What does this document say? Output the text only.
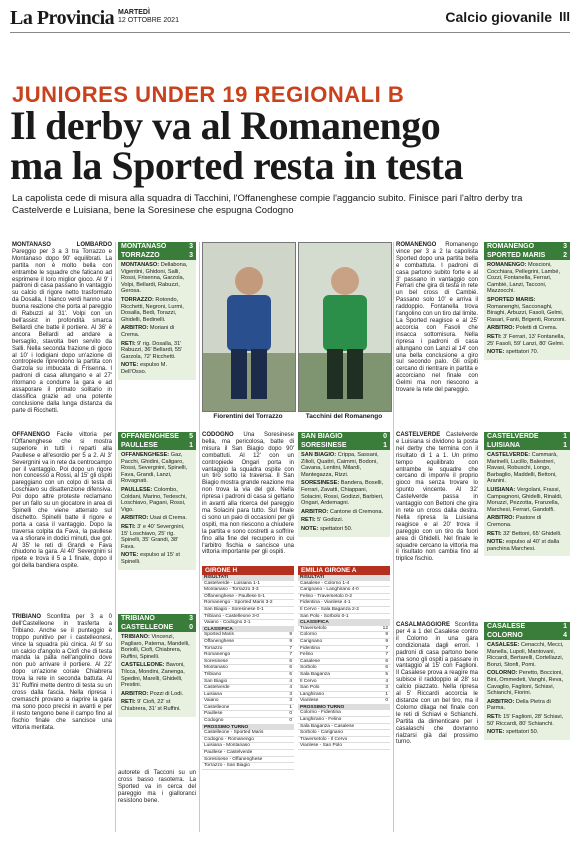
La Provincia MARTEDÌ
12 OTTOBRE 2021	Calcio giovanile III
JUNIORES UNDER 19 REGIONALI B
Il derby va al Romanengo
ma la Sported resta in testa
La capolista cede di misura alla squadra di Tacchini, l'Offanenghese compie l'aggancio subito. Finisce pari l'altro derby tra Castelverde e Luisiana, bene la Soresinese che espugna Codogno

MONTANASO LOMBARDO Pareggio per 3 a 3 tra Torrazzo e Montanaso dopo 90' equilibrati. La partita non è molto bella con entrambe le squadre che faticano ad esprimere il loro miglior gioco. Al 9' i padroni di casa passano in vantaggio su calcio di rigore netto trasformato da Dosalla. I bianco verdi hanno una buona reazione che porta al pareggio di Rabuzzi al 31'. Volpi con un bell'assist in profondità smarca Bellardi che batte il portiere. Al 36' è ancora Bellardi ad andare a bersaglio, stavolta ben servito da Salli. Nella seconda frazione di gioco al 10' i lodigiani dopo un'azione di contropiede riprendono la partita con Garzola su imbucata di Frisenna. I padroni di casa allungano e al 27' ritornano a condurre la gara e ad assaporare il primato solitario in classifica grazie ad una potente conclusione dalla lunga distanza da parte di Ricchetti.

OFFANENGO Facile vittoria per l'Offanenghese che si mostra superiore in tutti i reparti alla Paullese e all'esordio per 5 a 2. Al 3' Severgnini va in rete da centrocampo per il vantaggio. Poi dopo un rigore non concesso a Rossi, al 15' gli ospiti pareggiano con un colpo di testa di Loschiavo su disattenzione difensiva. Poi dopo altre proteste reclamano per un fallo su un giocatore in area di Spinelli che viene atterrato sul dischetto. Spinelli batte il rigore e porta a casa il vantaggio. Dopo la traversa colpita da Fava, la paullese va a sfiorare in dodici minuti, due gol. Al 35' le reti di Grandi e Fava chiudono la gara. Al 40' Severgnini si ripete e trova il 5 a 1 finale, dopo il gol della bandiera ospite.

TRIBIANO Sconfitta per 3 a 0 dell'Castelleone in trasferta a Tribiano. Anche se il punteggio è troppo punitivo per i castelleonesi, vince la squadra più cinica. Al 9' su un calcio d'angolo a Ciofi che di testa manda la palla nell'angolino dove non può arrivare il portiere. Al 22' dopo un'azione corale Chiabrera trova la rete in seconda battuta. Al 31' Ruffini mette dentro di testa su un cross dalla fascia. Nella ripresa i cremaschi provano a riaprire la gara ma sono poco precisi in avanti e per il resto tengono bene il campo fino al fischio finale che sancisce una vittoria meritata.

MONTANASO	3
TORRAZZO	3

MONTANASO: Dellabona, Vigentini, Ghidoni, Salli, Rossi, Frisenna, Garzola, Volpi, Bellardi, Rabuzzi, Gerosa.

TORRAZZO: Rotondo, Ricchetti, Negroni, Lurmi, Dosalla, Bedi, Torazzi, Ghidelli, Bedinelli.

ARBITRO: Moriani di Crema.

RETI: 9' rig. Dosalla, 31' Rabuzzi, 36' Bellardi, 55' Garzola, 72' Ricchetti.

NOTE: espulso M. Dell'Osso.

OFFANENGHESE 5
PAULLESE	1

OFFANENGHESE: Gaz, Pacchi, Ghidini, Caligaro, Rossi, Severgnini, Spinelli, Fava, Grandi, Lanzi, Rovagnati.

PAULLESE: Colombo, Coldani, Marino, Tedeschi, Loschiavo, Pagani, Rossi, Vigo.

ARBITRO: Usai di Crema.

RETI: 3' e 40' Severgnini, 15' Loschiavo, 25' rig. Spinelli, 35' Grandi, 38' Fava.

NOTE: espulso al 15' st Spinelli.

TRIBIANO	3
CASTELLEONE 0

TRIBIANO: Vincenzi, Pagliaro, Paterna, Mandelli, Boriolli, Ciofi, Chiabrera, Ruffini, Spinelli.

CASTELLEONE: Bavoni, Tilcca, Mondini, Zanenga, Spedini, Marelli, Ghidelli, Prestini.

ARBITRO: Pozzi di Lodi.

RETI: 9' Ciofi, 22' st Chiabrera, 31' st Ruffini.

autorete di Tacconi su un cross basso rasoterra. La Sported va in cerca del pareggio ma i gialloranci resistono bene.

Fiorentini del Torrazzo	Tacchini del Romanengo

ROMANENGO Romanengo vince per 3 a 2 la capolista Sported dopo una partita bella e combattuta. I padroni di casa partono subito forte e al 3' passano in vantaggio con Ferrari che gira di testa in rete un bel cross di Cambié. Passano solo 10' e arriva il raddoppio. Fontanella trova l'angolino con un tiro dal limite. La Sported reagisce e al 25' accorcia con Fasoli che insacca sottomisura. Nella ripresa i padroni di casa allungano con Lanzi al 14' con una bella conclusione a giro sul secondo palo. Gli ospiti cercano di rientrare in partita e accorciano nel finale con Gelmi ma non riescono a trovare la rete del pareggio.

ROMANENGO	3
SPORTED MARIS	2

ROMANENGO: Moscioni, Cocchiara, Pellegrini, Lambé, Cozzi, Fontanella, Ferrari, Cambié, Lanzi, Tacconi, Mazzocchi.

SPORTED MARIS: Romanenghi, Sacconaghi, Biraghi, Arbuzzi, Fasoli, Gelmi, Rasari, Fanti, Brigenti, Ronzoni.

ARBITRO: Poletti di Crema.

RETI: 3' Ferrari, 13' Fontanella, 25' Fasoli, 59' Lanzi, 80' Gelmi.

NOTE: spettatori 70.

CODOGNO Una Soresinese bella, ma pericolosa, batte di misura il San Biagio dopo 90' combattuti. Al 12' con un contropiede Ongari porta in vantaggio la squadra ospite con un tiro sotto la traversa. Il San Biagio mostra grande reazione ma non trova la via del gol. Nella ripresa i padroni di casa si gettano in avanti alla ricerca del pareggio ma Solacini para tutto. Sul finale ci sono un paio di occasioni per gli ospiti, ma non riescono a chiudere la partita e sono costretti a soffrire fino alla fine del recupero in cui l'arbitro fischia e sancisce una vittoria importante per gli ospiti.

SAN BIAGIO	0
SORESINESE	1

SAN BIAGIO: Crippa, Sassani, Zilioli, Quattri, Caimmi, Bodoni, Cavana, Lentini, Milardi, Mantegazza, Rizzi.

SORESINESE: Bandera, Boselli, Ferrari, Zavatti, Chiappani, Solacini, Rossi, Godizzi, Barbieri, Ongari, Ardemagni.

ARBITRO: Cantone di Cremona.

RETI: 5' Godizzi.

NOTE: spettatori 50.

CASTELVERDE Castelverde e Luisiana si dividono la posta nel derby che termina con il risultato di 1 a 1. Un primo tempo equilibrato con entrambe le squadre che cercano di imporre il proprio gioco ma senza trovare lo spunto vincente. Al 32' Castelverde passa in vantaggio con Bettoni che gira in rete un cross dalla destra. Nella ripresa la Luisiana reagisce e al 20' trova il pareggio con un tiro da fuori area di Ghidelli. Nel finale le squadre cercano la vittoria ma il risultato non cambia fino al triplice fischio.

CASTELVERDE	1
LUISIANA	1

CASTELVERDE: Cammarà, Marinelli, Lucillo, Balestreri, Ravasi, Robuschi, Longo, Barbaglio, Maddelli, Bettoni, Aranini.

LUISIANA: Vergolani, Frassi, Campagnoni, Ghidelli, Rinaldi, Moruzzi, Pezzotta, Franzella, Marchesi, Ferrari, Gandolfi.

ARBITRO: Pastore di Cremona.

RETI: 32' Bettoni, 65' Ghidelli.

NOTE: espulso al 40' st dalla panchina Marchesi.

GIRONE H
RISULTATI
Castelverde - Luisiana 1-1
Montanaso - Torrazzo 3-3
Offanenghese - Paullese 5-1
Romanengo - Sported Maris 3-2
San Biagio - Soresinese 0-1
Tribiano - Castelleone 3-0
Vaiano - Codogno 2-1
CLASSIFICA
Sported Maris	9
Offanenghese	9
Torrazzo	7
Romanengo	7
Soresinese	6
Montanaso	6
Tribiano	6
San Biagio	4
Castelverde	4
Luisiana	3
Vaiano	3
Castelleone	1
Paullese	0
Codogno	0
PROSSIMO TURNO
Castelleone - Sported Maris
Codogno - Romanengo
Luisiana - Montanaso
Paullese - Castelverde
Soresinese - Offanenghese
Torrazzo - San Biagio
EMILIA GIRONE A
RISULTATI
Casalese - Colorno 1-4
Carignano - Langhirano 4-0
Felino - Traversetolo 0-2
Fidentina - Vianlese 4-1
Il Cervo - Sala Baganza 2-2
San Polo - Sorbolo 0-1
CLASSIFICA
Traversetolo	12
Colorno	9
Carignano	9
Fidentina	7
Felino	7
Casalese	6
Sorbolo	6
Sala Baganza	5
Il Cervo	4
San Polo	3
Langhirano	1
Vianlese	0
PROSSIMO TURNO
Colorno - Fidentina
Langhirano - Felino
Sala Baganza - Casalese
Sorbolo - Carignano
Traversetolo - Il Cervo
Vianlese - San Polo

CASALMAGGIORE Sconfitta per 4 a 1 del Casalese contro il Colorno in una gara condizionata dagli errori. I padroni di casa partono bene ma sono gli ospiti a passare in vantaggio al 15' con Faglioni. Il Casalese prova a reagire ma subisce il raddoppio al 28' su calcio piazzato. Nella ripresa al 5' Riccardi accorcia le distanze con un bel tiro, ma il Colorno dilaga nel finale con le reti di Schiavi e Schianchi. Partita da dimenticare per i casalaschi che dovranno rialzarsi già dal prossimo turno.

CASALESE	1
COLORNO	4

CASALESE: Cenacchi, Mecci, Manella, Lupoli, Mantovani, Riccardi, Bertarelli, Cortellazzi, Bonzi, Stonfi, Pomi.

COLORNO: Peretto, Boccioni, Bini, Ommedeti, Vanghi, Reva, Cavaglio, Faglioni, Schiavi, Schianchi, Fiorini.

ARBITRO: Della Pietra di Parma.

RETI: 15' Faglioni, 28' Schiavi, 50' Riccardi, 80' Schianchi.

NOTE: spettatori 50.
